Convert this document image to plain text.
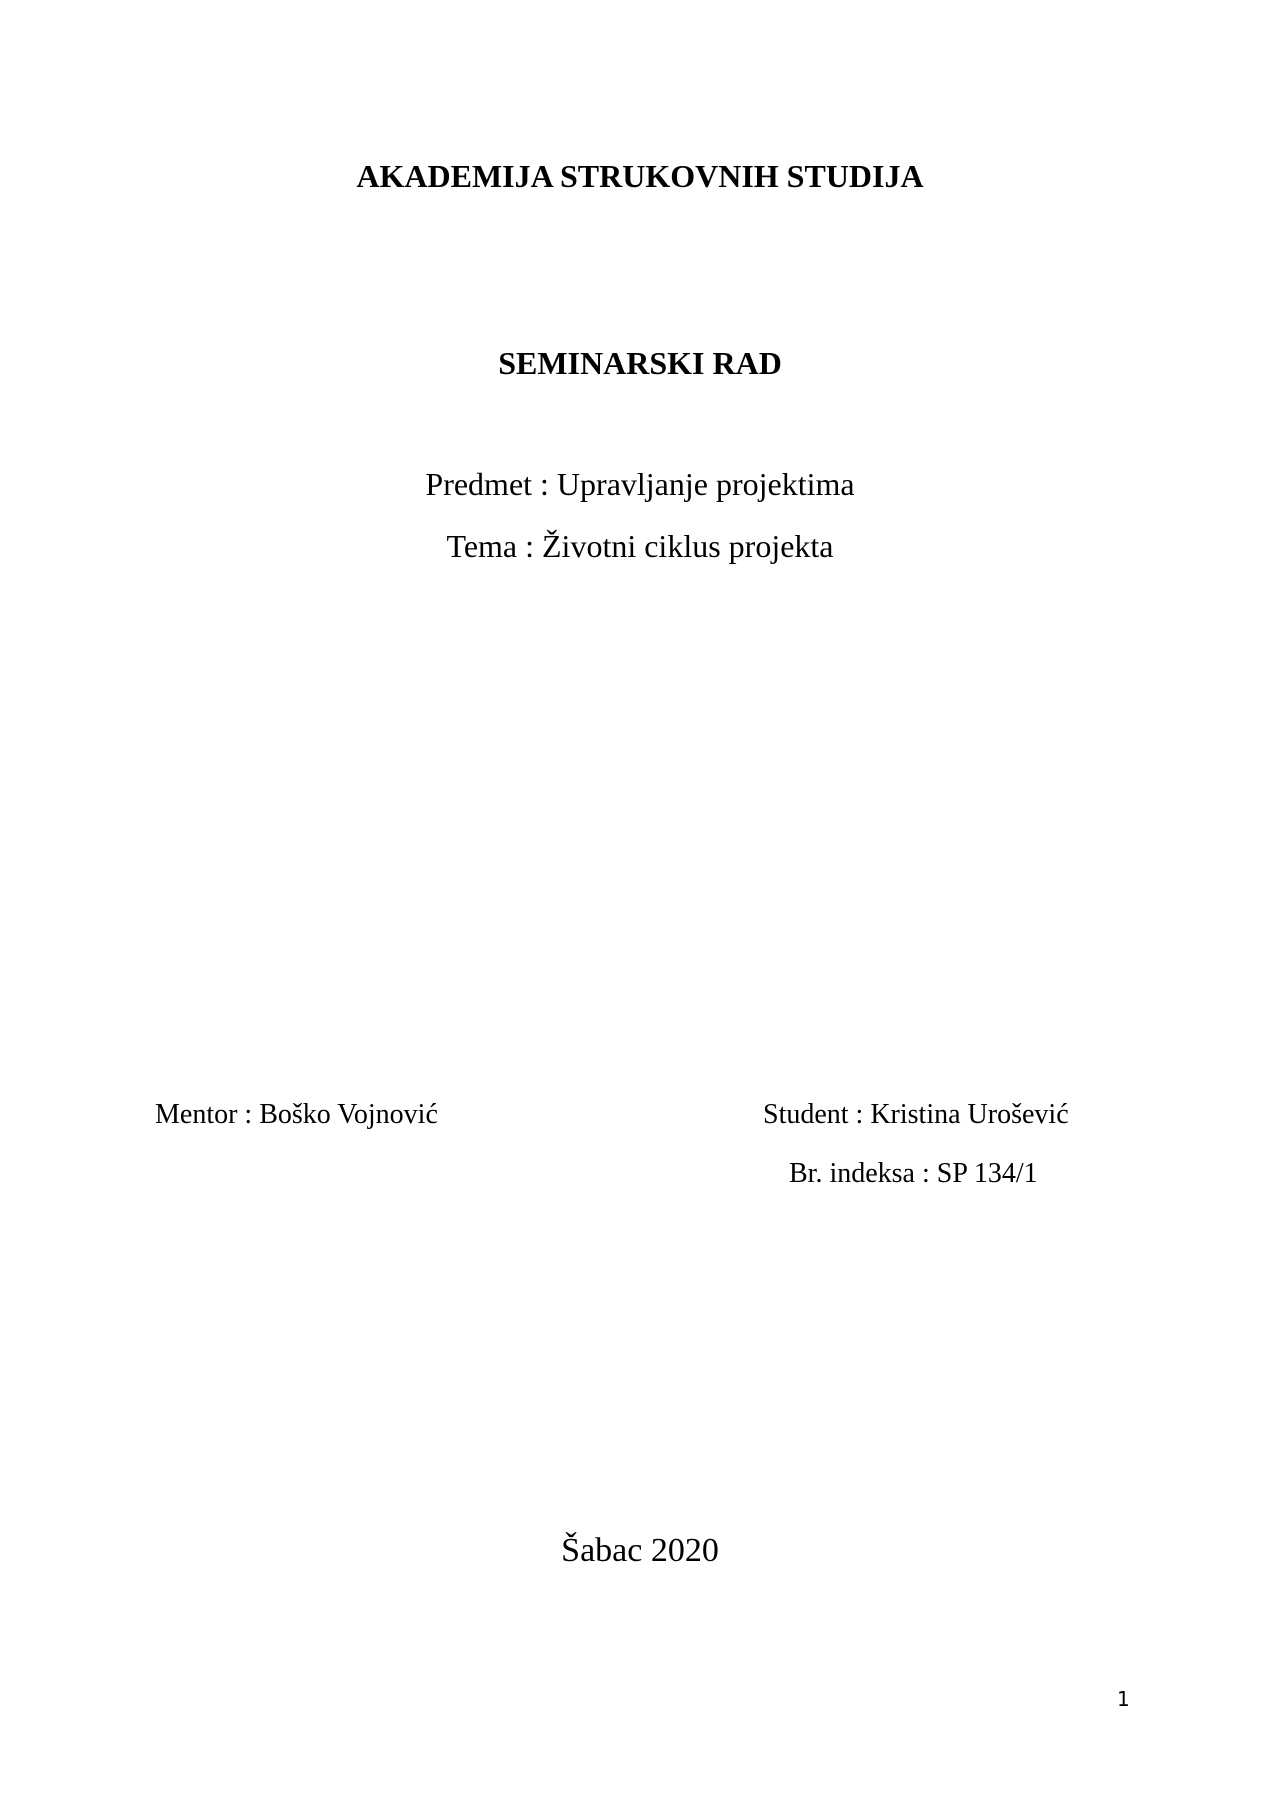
AKADEMIJA STRUKOVNIH STUDIJA
SEMINARSKI RAD
Predmet : Upravljanje projektima
Tema : Životni ciklus projekta
Mentor : Boško Vojnović	Student : Kristina Urošević
Br. indeksa : SP 134/1
Šabac 2020
1
